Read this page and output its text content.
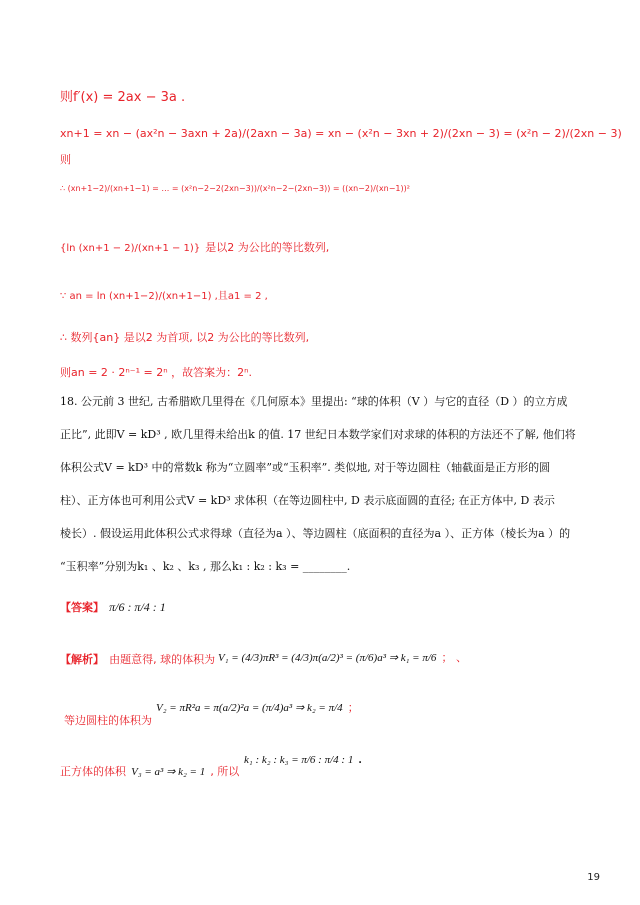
则f′(x) = 2ax − 3a .
xn+1 = xn − (ax²n − 3axn + 2a)/(2axn − 3a) = xn − (x²n − 3xn + 2)/(2xn − 3) = (x²n − 2)/(2xn − 3)
则
∴ (xn+1−2)/(xn+1−1) = … = (x²n−2−2(2xn−3))/(x²n−2−(2xn−3)) = ((xn−2)/(xn−1))²
{ln (xn+1 − 2)/(xn+1 − 1)} 是以2 为公比的等比数列,
∵ an = ln (xn+1−2)/(xn+1−1) ,且a1 = 2 ,
∴ 数列{an} 是以2 为首项, 以2 为公比的等比数列,
则an = 2 · 2ⁿ⁻¹ = 2ⁿ ，故答案为：2ⁿ.
18. 公元前 3 世纪, 古希腊欧几里得在《几何原本》里提出: “球的体积（V ）与它的直径（D ）的立方成
正比”, 此即V = kD³ , 欧几里得未给出k 的值. 17 世纪日本数学家们对求球的体积的方法还不了解, 他们将
体积公式V = kD³ 中的常数k 称为“立圆率”或“玉积率”. 类似地, 对于等边圆柱（轴截面是正方形的圆
柱）、正方体也可利用公式V = kD³ 求体积（在等边圆柱中, D 表示底面圆的直径; 在正方体中, D 表示
棱长）. 假设运用此体积公式求得球（直径为a ）、等边圆柱（底面积的直径为a ）、正方体（棱长为a ）的
“玉积率”分别为k₁ 、k₂ 、k₃ , 那么k₁ : k₂ : k₃ = ________.
【答案】 π/6 : π/4 : 1
【解析】 由题意得, 球的体积为 V₁ = (4/3)πR³ = (4/3)π(a/2)³ = (π/6)a³ ⇒ k₁ = π/6 ； 、
等边圆柱的体积为
V₂ = πR²a = π(a/2)²a = (π/4)a³ ⇒ k₂ = π/4 ；
正方体的体积 V₃ = a³ ⇒ k₂ = 1 , 所以
k₁ : k₂ : k₃ = π/6 : π/4 : 1 .
19
